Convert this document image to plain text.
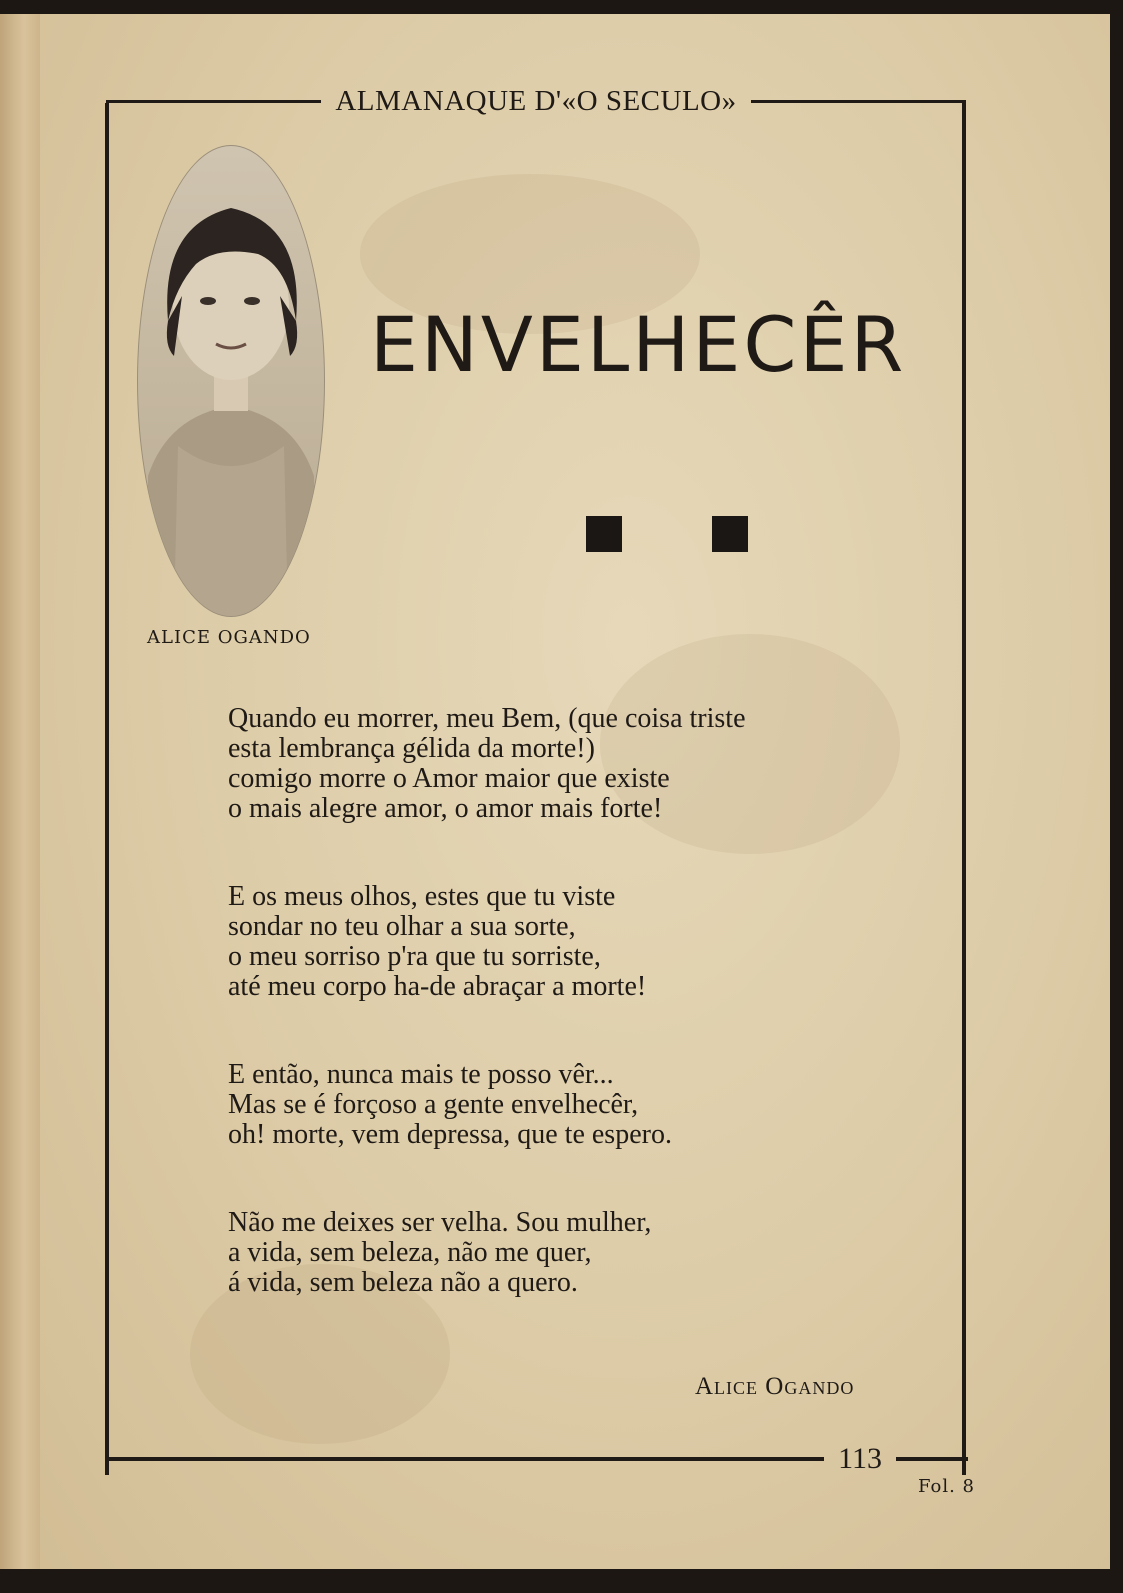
ALMANAQUE D'«O SECULO»
ALICE OGANDO
ENVELHECÊR

Quando eu morrer, meu Bem, (que coisa triste
esta lembrança gélida da morte!)
comigo morre o Amor maior que existe
o mais alegre amor, o amor mais forte!

E os meus olhos, estes que tu viste
sondar no teu olhar a sua sorte,
o meu sorriso p'ra que tu sorriste,
até meu corpo ha-de abraçar a morte!

E então, nunca mais te posso vêr...
Mas se é forçoso a gente envelhecêr,
oh! morte, vem depressa, que te espero.

Não me deixes ser velha. Sou mulher,
a vida, sem beleza, não me quer,
á vida, sem beleza não a quero.

Alice Ogando
113
Fol. 8
